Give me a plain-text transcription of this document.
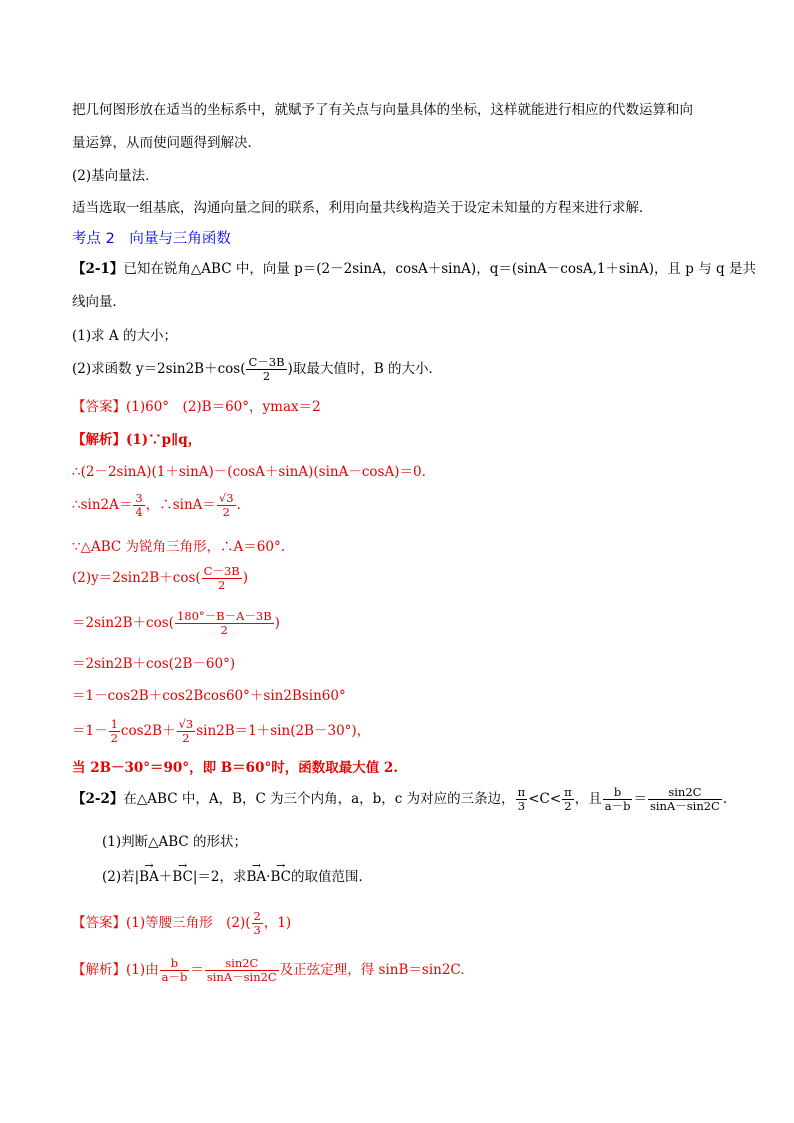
把几何图形放在适当的坐标系中，就赋予了有关点与向量具体的坐标，这样就能进行相应的代数运算和向
量运算，从而使问题得到解决．
(2)基向量法．
适当选取一组基底，沟通向量之间的联系，利用向量共线构造关于设定未知量的方程来进行求解．
考点 2　向量与三角函数
【2-1】已知在锐角△ABC 中，向量 p＝(2－2sinA，cosA＋sinA)，q＝(sinA－cosA,1＋sinA)，且 p 与 q 是共
线向量．
(1)求 A 的大小；
(2)求函数 $y=2\sin 2B+\cos( \frac{C-3B}{2}$ )取最大值时，B 的大小．
【答案】(1)60°　(2)B＝60°，ymax＝2
【解析】(1)∵p∥q，
∴(2－2sinA)(1＋sinA)－(cosA＋sinA)(sinA－cosA)＝0.
∴sin2A＝ $\frac{3}{4}$ ，∴sinA＝ $\frac{√3}{2}$ .
∵△ABC 为锐角三角形，∴A＝60°.
$(2)y=2\sin 2B+\cos( \frac{C-3B}{2}$ )
$=2\sin 2B+\cos( \frac{180^\circ-B-A-3B}{2}$ )
＝2sin2B＋cos(2B－60°)
＝1－cos2B＋cos2Bcos60°＋sin2Bsin60°
$=1- \frac{1}{2} \cos 2B+ \frac{√3}{2} \sin 2B=1+\sin(2B-30^\circ)$，
当 2B－30°＝90°，即 B＝60°时，函数取最大值 2.
【2-2】在△ABC 中，A，B，C 为三个内角，a，b，c 为对应的三条边， $\frac{\pi}{3} <C< \frac{\pi}{2}$ ，且 $\frac{b}{a-b} = \frac{\sin 2C}{\sin A-\sin 2C}$ .
(1)判断△ABC 的形状；
(2)若|→ BA＋→ BC|＝2，求→ BA·→ BC的取值范围．
【答案】(1)等腰三角形　$(2)( \frac{2}{3}$ ，1)
【解析】(1)由 $\frac{b}{a-b} = \frac{\sin 2C}{\sin A-\sin 2C}$ 及正弦定理，得 sinB＝sin2C.
